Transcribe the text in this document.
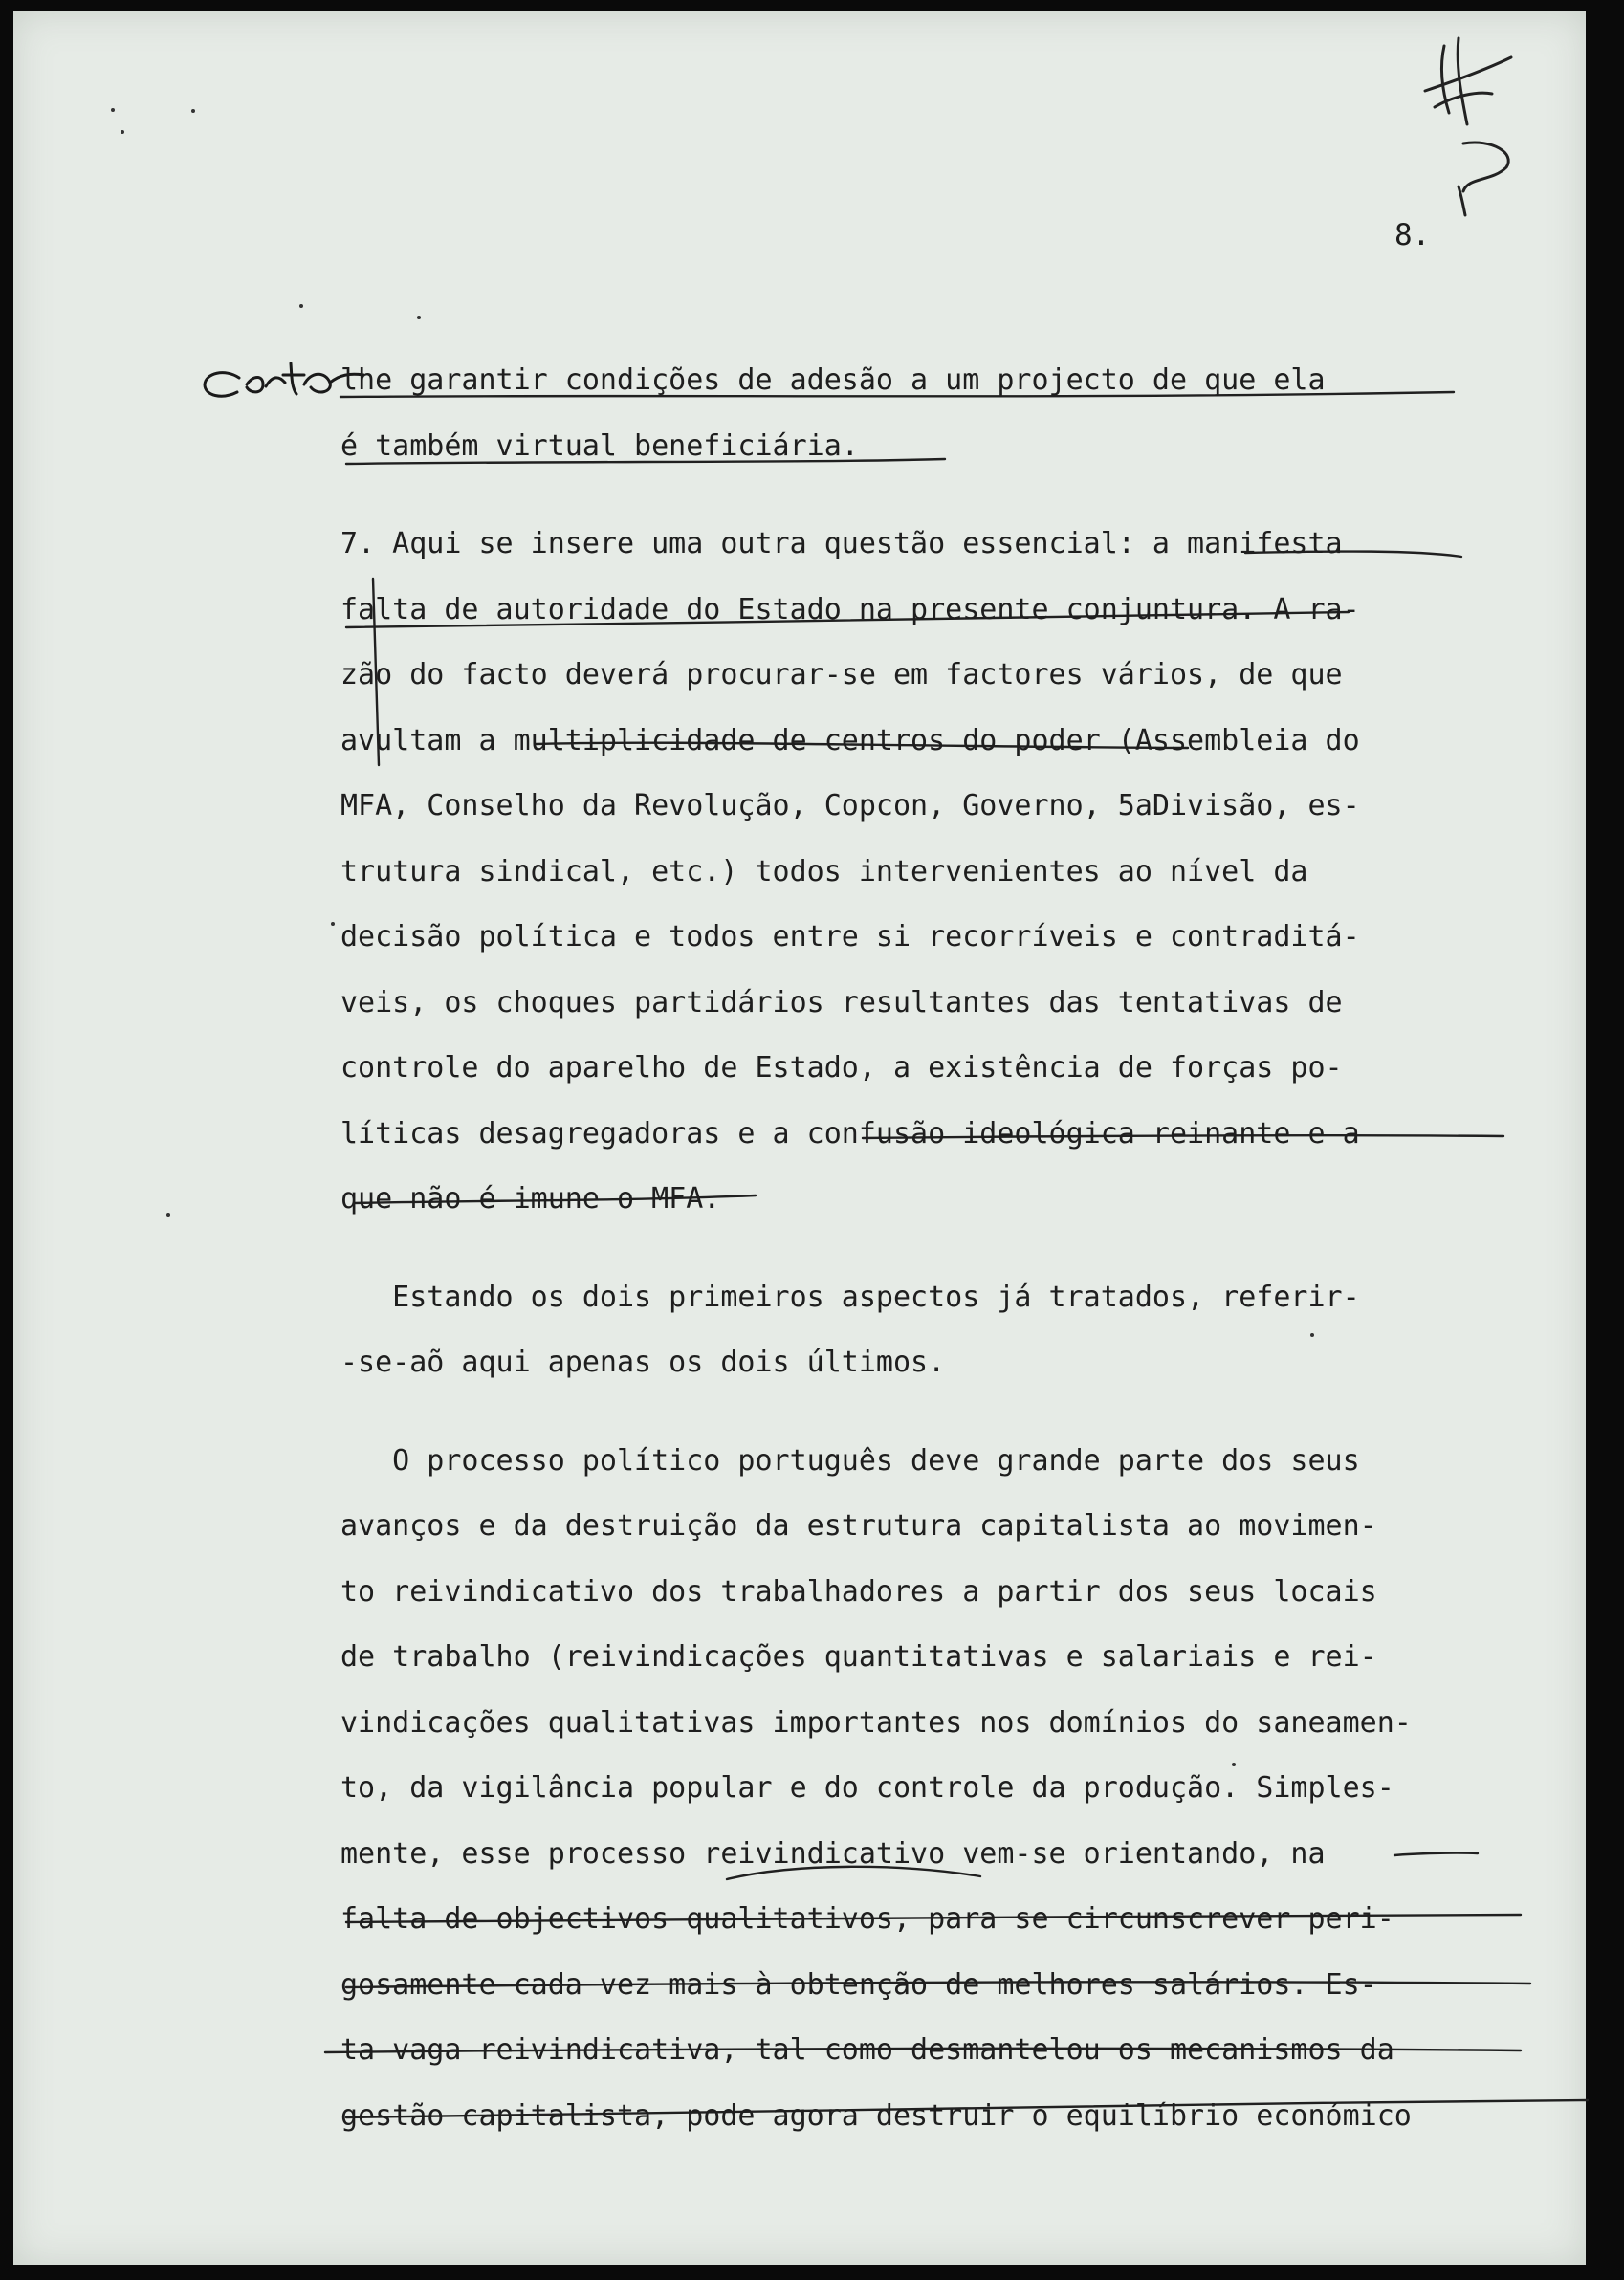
8.
lhe garantir condições de adesão a um projecto de que ela
é também virtual beneficiária.
7. Aqui se insere uma outra questão essencial: a manifesta
falta de autoridade do Estado na presente conjuntura. A ra-
zão do facto deverá procurar-se em factores vários, de que
avultam a multiplicidade de centros do poder (Assembleia do
MFA, Conselho da Revolução, Copcon, Governo, 5aDivisão, es-
trutura sindical, etc.) todos intervenientes ao nível da
decisão política e todos entre si recorríveis e contraditá-
veis, os choques partidários resultantes das tentativas de
controle do aparelho de Estado, a existência de forças po-
líticas desagregadoras e a confusão ideológica reinante e a
que não é imune o MFA.
Estando os dois primeiros aspectos já tratados, referir-
-se-aõ aqui apenas os dois últimos.
O processo político português deve grande parte dos seus
avanços e da destruição da estrutura capitalista ao movimen-
to reivindicativo dos trabalhadores a partir dos seus locais
de trabalho (reivindicações quantitativas e salariais e rei-
vindicações qualitativas importantes nos domínios do saneamen-
to, da vigilância popular e do controle da produção. Simples-
mente, esse processo reivindicativo vem-se orientando, na
falta de objectivos qualitativos, para se circunscrever peri-
gosamente cada vez mais à obtenção de melhores salários. Es-
ta vaga reivindicativa, tal como desmantelou os mecanismos da
gestão capitalista, pode agora destruir o equilíbrio económico
